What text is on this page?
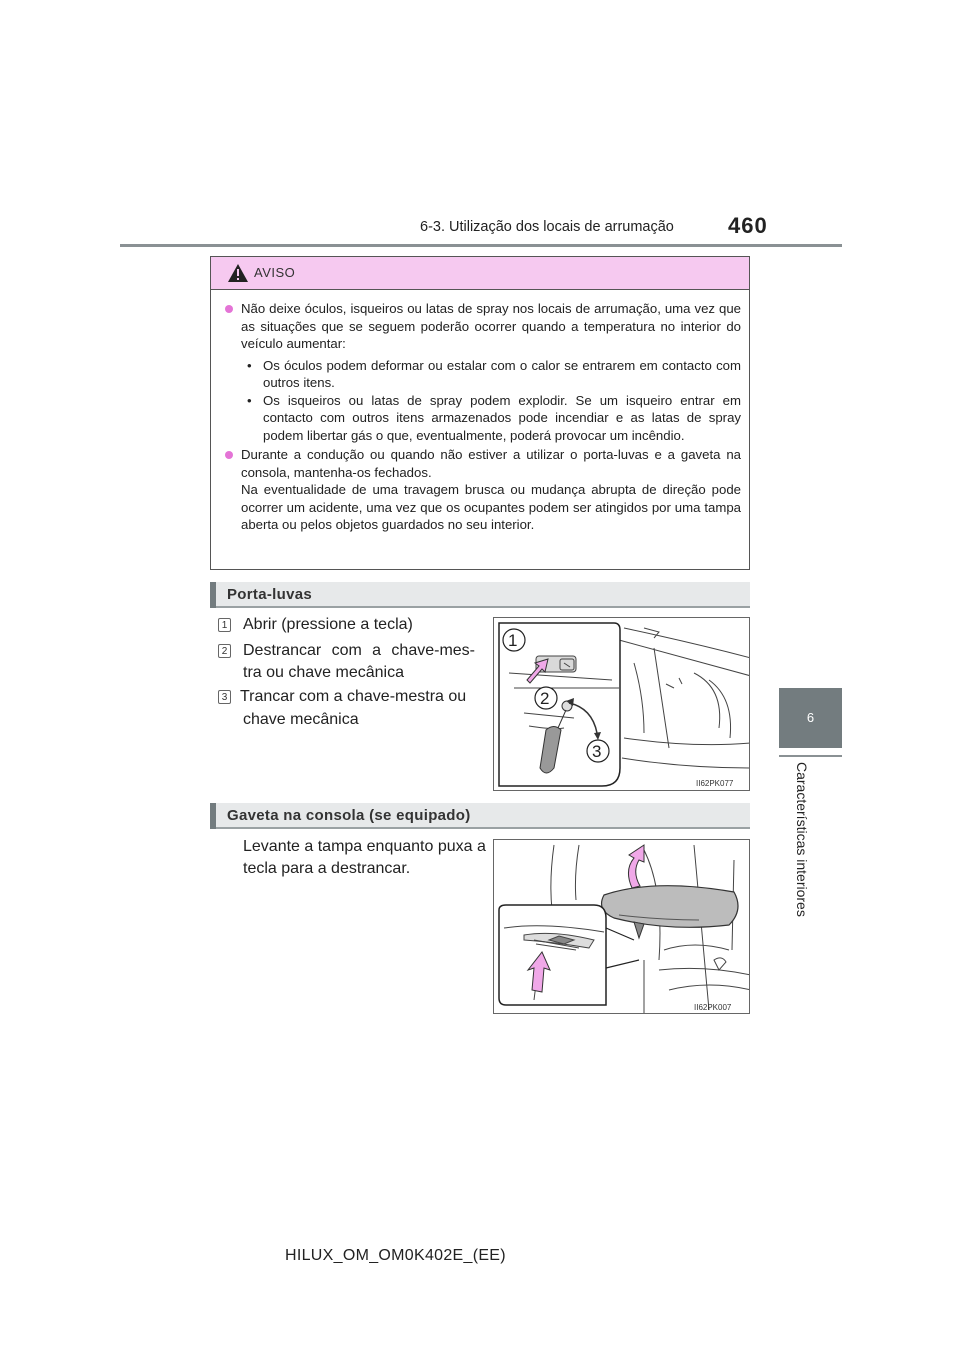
6-3. Utilização dos locais de arrumação 460
6
Características interiores
AVISO
Não deixe óculos, isqueiros ou latas de spray nos locais de arrumação, uma vez que as situações que se seguem poderão ocorrer quando a temperatura no interior do veículo aumentar:
• Os óculos podem deformar ou estalar com o calor se entrarem em contacto com outros itens.
• Os isqueiros ou latas de spray podem explodir. Se um isqueiro entrar em contacto com outros itens armazenados pode incendiar e as latas de spray podem libertar gás o que, eventualmente, poderá provocar um incêndio.
Durante a condução ou quando não estiver a utilizar o porta-luvas e a gaveta na consola, mantenha-os fechados.
Na eventualidade de uma travagem brusca ou mudança abrupta de direção pode ocorrer um acidente, uma vez que os ocupantes podem ser atingidos por uma tampa aberta ou pelos objetos guardados no seu interior.
Porta-luvas
1 Abrir (pressione a tecla)
2 Destrancar com a chave-mes-
tra ou chave mecânica
3 Trancar com a chave-mestra ou
chave mecânica
1
2
3
II62PK077
Gaveta na consola (se equipado)
Levante a tampa enquanto puxa a
tecla para a destrancar.
II62PK007
HILUX_OM_OM0K402E_(EE)
